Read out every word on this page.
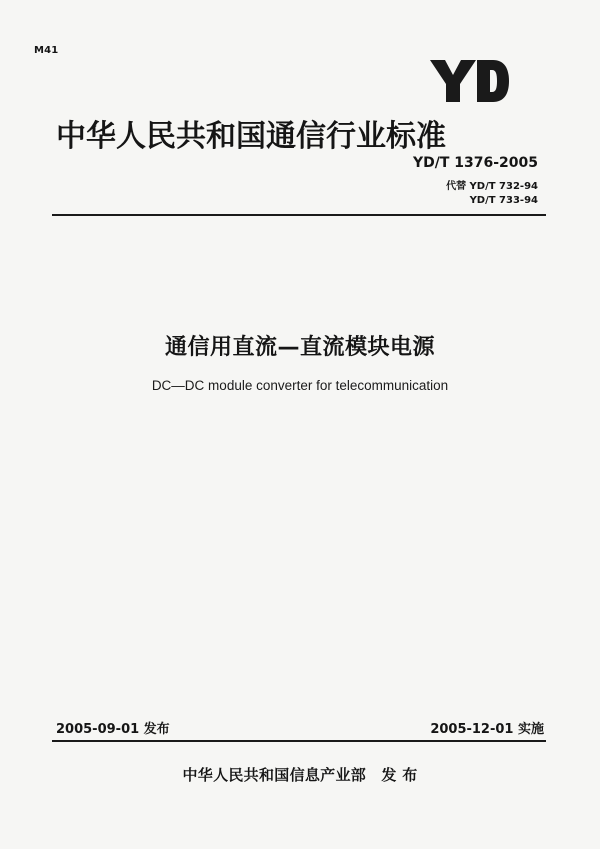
M41
中华人民共和国通信行业标准
YD/T 1376-2005
代替 YD/T 732-94
YD/T 733-94
通信用直流—直流模块电源
DC—DC module converter for telecommunication
2005-09-01 发布	2005-12-01 实施
中华人民共和国信息产业部　发 布
